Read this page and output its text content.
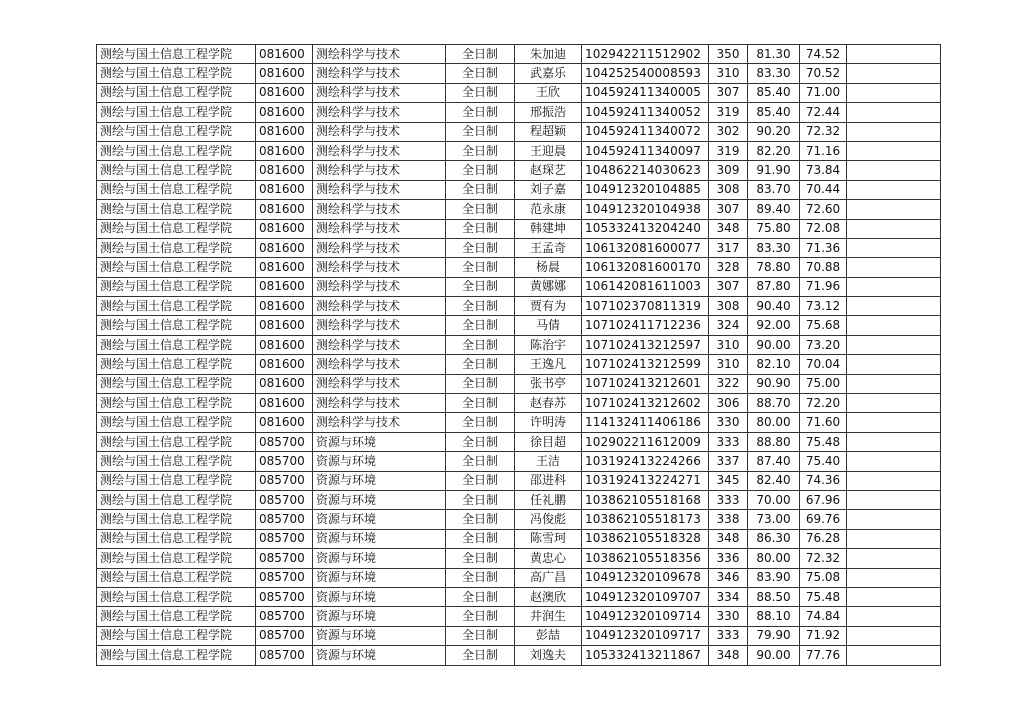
测绘与国土信息工程学院	081600	测绘科学与技术	全日制	朱加迪	102942211512902	350	81.30	74.52	
测绘与国土信息工程学院	081600	测绘科学与技术	全日制	武嘉乐	104252540008593	310	83.30	70.52	
测绘与国土信息工程学院	081600	测绘科学与技术	全日制	王欣	104592411340005	307	85.40	71.00	
测绘与国土信息工程学院	081600	测绘科学与技术	全日制	邢振浩	104592411340052	319	85.40	72.44	
测绘与国土信息工程学院	081600	测绘科学与技术	全日制	程超颖	104592411340072	302	90.20	72.32	
测绘与国土信息工程学院	081600	测绘科学与技术	全日制	王迎晨	104592411340097	319	82.20	71.16	
测绘与国土信息工程学院	081600	测绘科学与技术	全日制	赵琛艺	104862214030623	309	91.90	73.84	
测绘与国土信息工程学院	081600	测绘科学与技术	全日制	刘子嘉	104912320104885	308	83.70	70.44	
测绘与国土信息工程学院	081600	测绘科学与技术	全日制	范永康	104912320104938	307	89.40	72.60	
测绘与国土信息工程学院	081600	测绘科学与技术	全日制	韩建坤	105332413204240	348	75.80	72.08	
测绘与国土信息工程学院	081600	测绘科学与技术	全日制	王孟奇	106132081600077	317	83.30	71.36	
测绘与国土信息工程学院	081600	测绘科学与技术	全日制	杨晨	106132081600170	328	78.80	70.88	
测绘与国土信息工程学院	081600	测绘科学与技术	全日制	黄娜娜	106142081611003	307	87.80	71.96	
测绘与国土信息工程学院	081600	测绘科学与技术	全日制	贾有为	107102370811319	308	90.40	73.12	
测绘与国土信息工程学院	081600	测绘科学与技术	全日制	马倩	107102411712236	324	92.00	75.68	
测绘与国土信息工程学院	081600	测绘科学与技术	全日制	陈治宇	107102413212597	310	90.00	73.20	
测绘与国土信息工程学院	081600	测绘科学与技术	全日制	王逸凡	107102413212599	310	82.10	70.04	
测绘与国土信息工程学院	081600	测绘科学与技术	全日制	张书亭	107102413212601	322	90.90	75.00	
测绘与国土信息工程学院	081600	测绘科学与技术	全日制	赵春苏	107102413212602	306	88.70	72.20	
测绘与国土信息工程学院	081600	测绘科学与技术	全日制	许明涛	114132411406186	330	80.00	71.60	
测绘与国土信息工程学院	085700	资源与环境	全日制	徐目超	102902211612009	333	88.80	75.48	
测绘与国土信息工程学院	085700	资源与环境	全日制	王洁	103192413224266	337	87.40	75.40	
测绘与国土信息工程学院	085700	资源与环境	全日制	邵进科	103192413224271	345	82.40	74.36	
测绘与国土信息工程学院	085700	资源与环境	全日制	任礼鹏	103862105518168	333	70.00	67.96	
测绘与国土信息工程学院	085700	资源与环境	全日制	冯俊彪	103862105518173	338	73.00	69.76	
测绘与国土信息工程学院	085700	资源与环境	全日制	陈雪珂	103862105518328	348	86.30	76.28	
测绘与国土信息工程学院	085700	资源与环境	全日制	黄忠心	103862105518356	336	80.00	72.32	
测绘与国土信息工程学院	085700	资源与环境	全日制	高广昌	104912320109678	346	83.90	75.08	
测绘与国土信息工程学院	085700	资源与环境	全日制	赵澳欣	104912320109707	334	88.50	75.48	
测绘与国土信息工程学院	085700	资源与环境	全日制	井润生	104912320109714	330	88.10	74.84	
测绘与国土信息工程学院	085700	资源与环境	全日制	彭喆	104912320109717	333	79.90	71.92	
测绘与国土信息工程学院	085700	资源与环境	全日制	刘逸夫	105332413211867	348	90.00	77.76	
